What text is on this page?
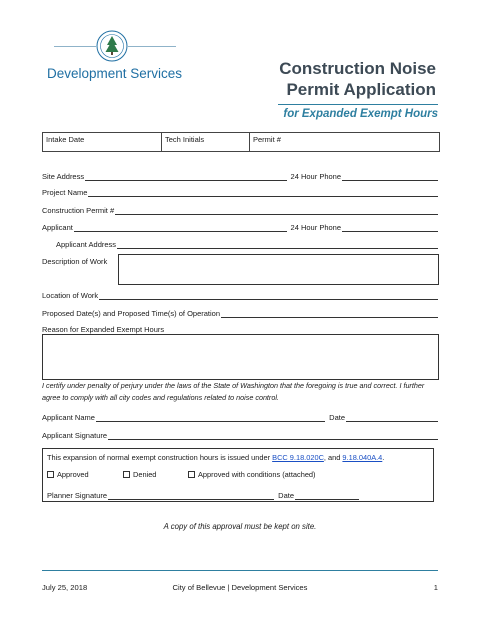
Development Services	Construction Noise
Permit Application
for Expanded Exempt Hours
Intake Date	Tech Initials	Permit #
Site Address	24 Hour Phone
Project Name
Construction Permit #
Applicant	24 Hour Phone
Applicant Address
Description of Work
Location of Work
Proposed Date(s) and Proposed Time(s) of Operation
Reason for Expanded Exempt Hours
I certify under penalty of perjury under the laws of the State of Washington that the foregoing is true and correct. I further agree to comply with all city codes and regulations related to noise control.
Applicant Name	Date
Applicant Signature
This expansion of normal exempt construction hours is issued under BCC 9.18.020C, and 9.18.040A.4.
Approved	Denied	Approved with conditions (attached)
Planner Signature	Date
A copy of this approval must be kept on site.
July 25, 2018	City of Bellevue | Development Services	1
